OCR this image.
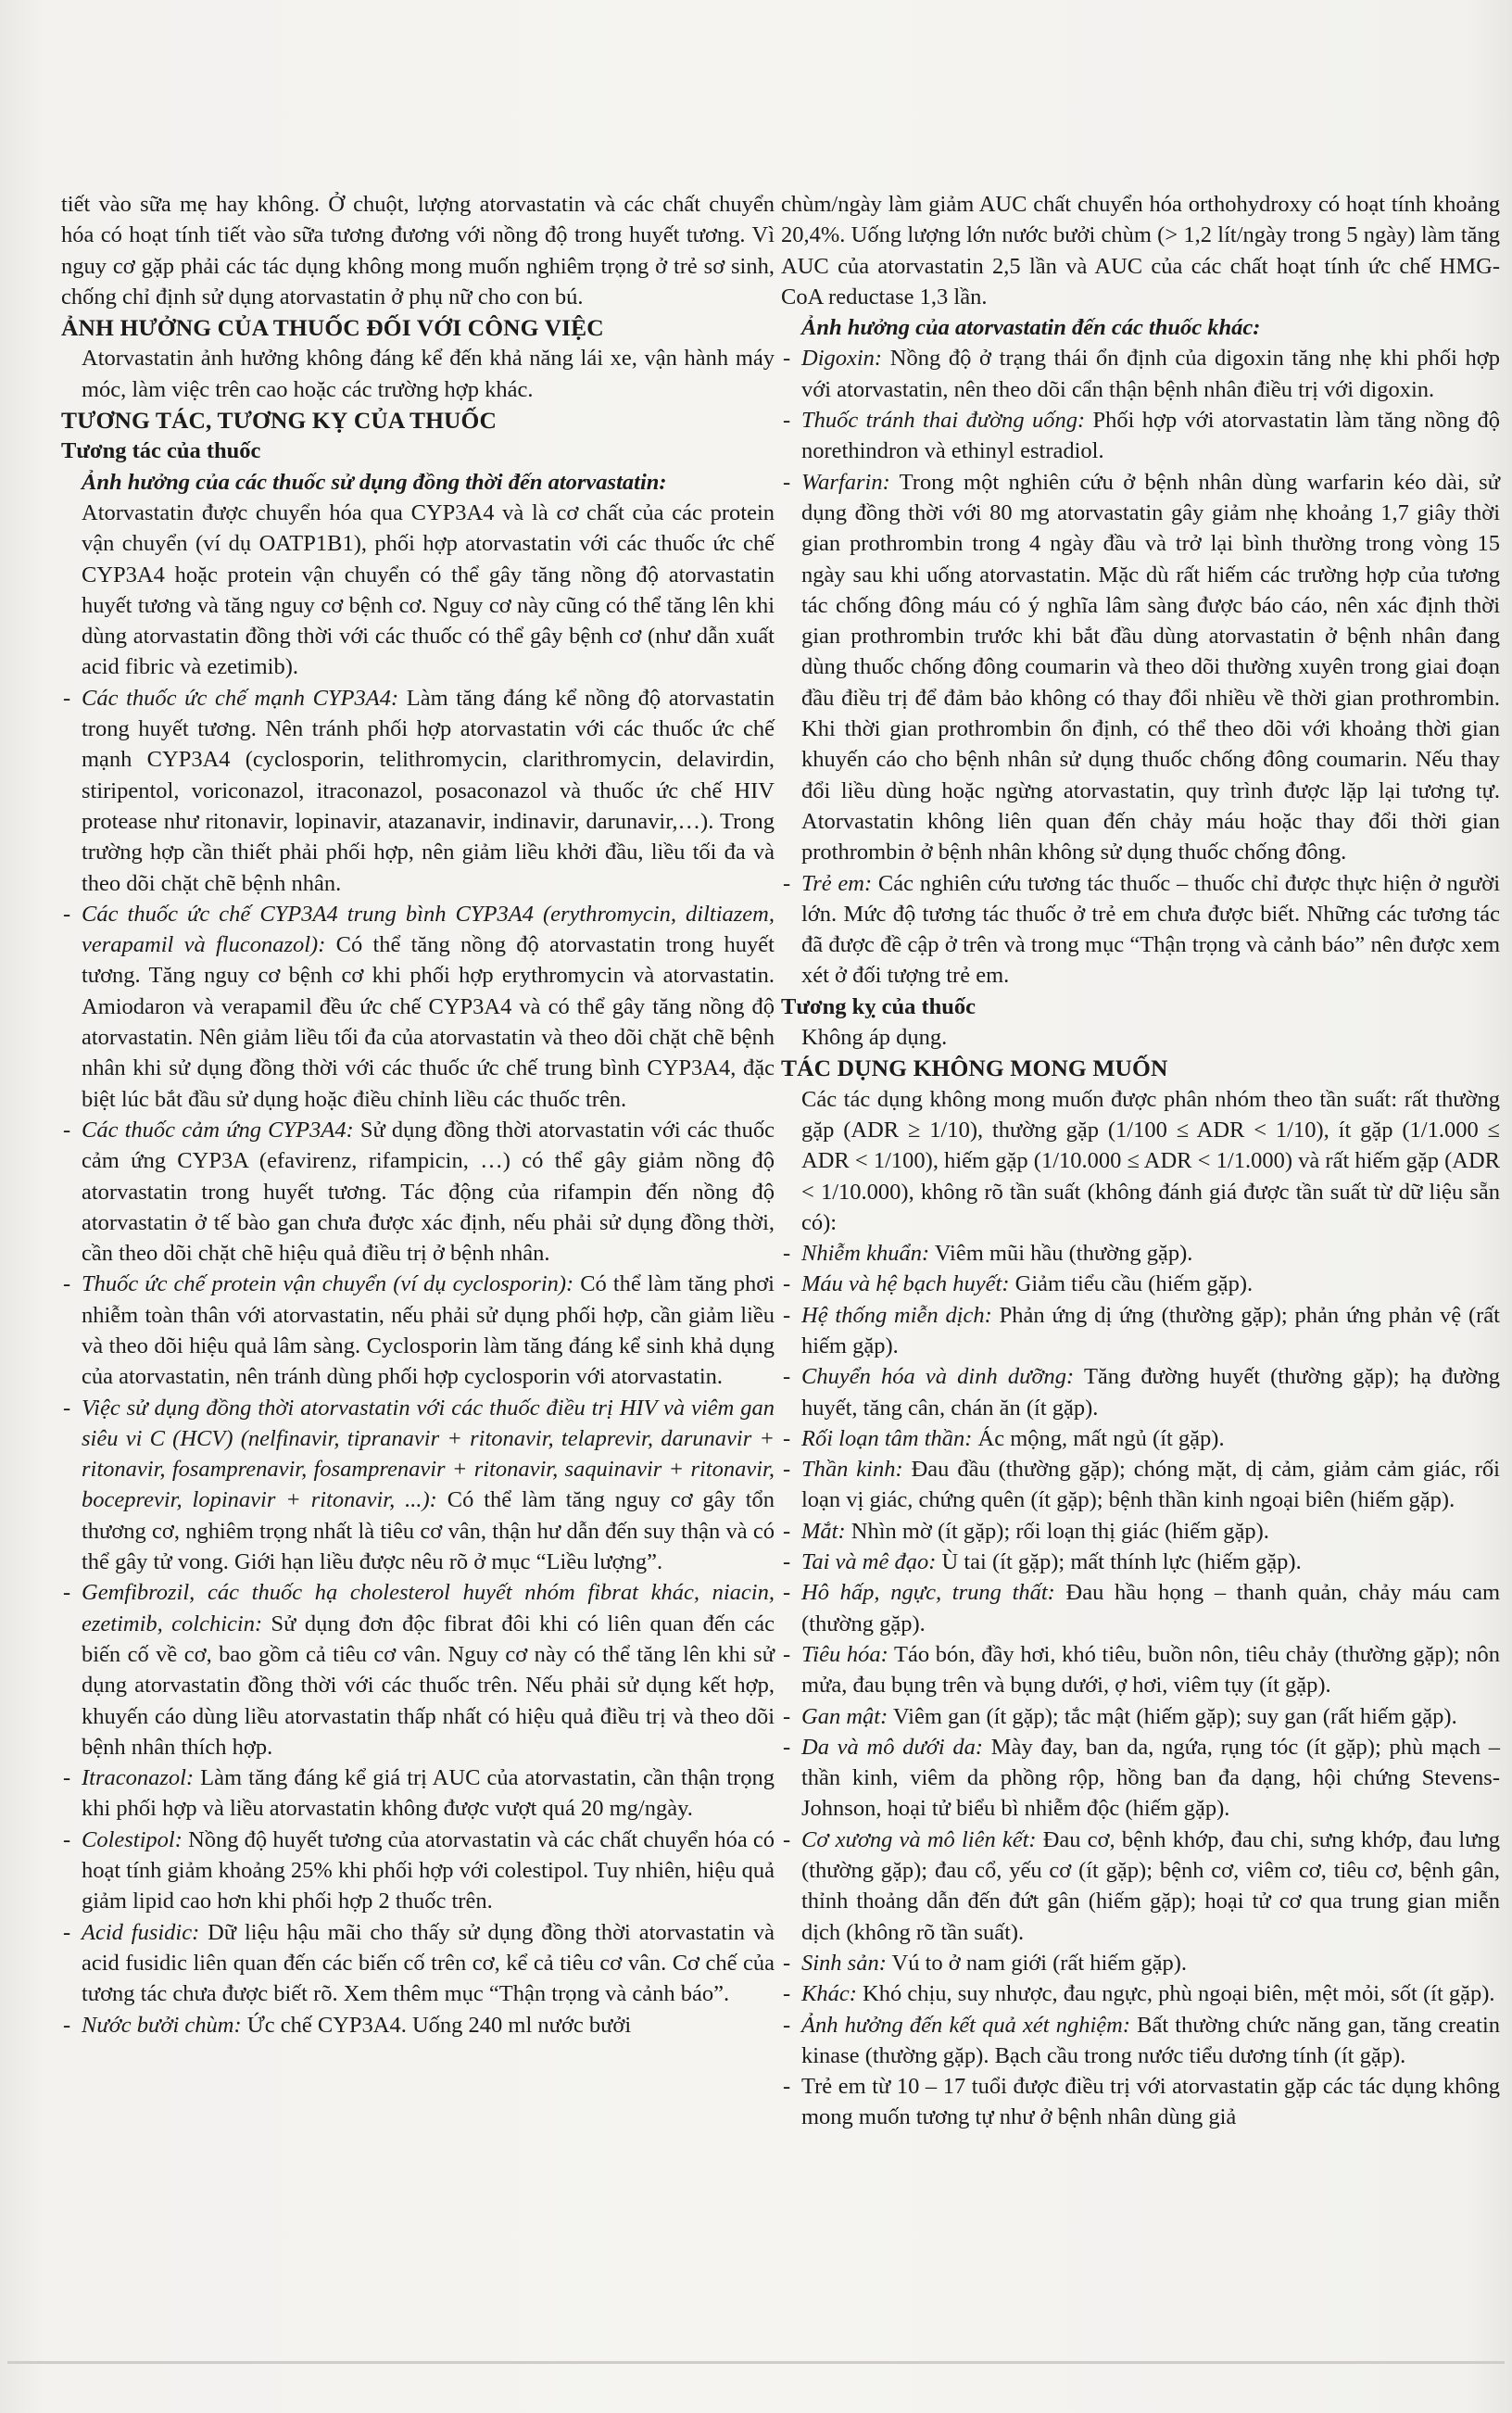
tiết vào sữa mẹ hay không. Ở chuột, lượng atorvastatin và các chất chuyển hóa có hoạt tính tiết vào sữa tương đương với nồng độ trong huyết tương. Vì nguy cơ gặp phải các tác dụng không mong muốn nghiêm trọng ở trẻ sơ sinh, chống chỉ định sử dụng atorvastatin ở phụ nữ cho con bú.

ẢNH HƯỞNG CỦA THUỐC ĐỐI VỚI CÔNG VIỆC

Atorvastatin ảnh hưởng không đáng kể đến khả năng lái xe, vận hành máy móc, làm việc trên cao hoặc các trường hợp khác.

TƯƠNG TÁC, TƯƠNG KỴ CỦA THUỐC

Tương tác của thuốc

Ảnh hưởng của các thuốc sử dụng đồng thời đến atorvastatin:

Atorvastatin được chuyển hóa qua CYP3A4 và là cơ chất của các protein vận chuyển (ví dụ OATP1B1), phối hợp atorvastatin với các thuốc ức chế CYP3A4 hoặc protein vận chuyển có thể gây tăng nồng độ atorvastatin huyết tương và tăng nguy cơ bệnh cơ. Nguy cơ này cũng có thể tăng lên khi dùng atorvastatin đồng thời với các thuốc có thể gây bệnh cơ (như dẫn xuất acid fibric và ezetimib).

- Các thuốc ức chế mạnh CYP3A4: Làm tăng đáng kể nồng độ atorvastatin trong huyết tương. Nên tránh phối hợp atorvastatin với các thuốc ức chế mạnh CYP3A4 (cyclosporin, telithromycin, clarithromycin, delavirdin, stiripentol, voriconazol, itraconazol, posaconazol và thuốc ức chế HIV protease như ritonavir, lopinavir, atazanavir, indinavir, darunavir,…). Trong trường hợp cần thiết phải phối hợp, nên giảm liều khởi đầu, liều tối đa và theo dõi chặt chẽ bệnh nhân.

- Các thuốc ức chế CYP3A4 trung bình CYP3A4 (erythromycin, diltiazem, verapamil và fluconazol): Có thể tăng nồng độ atorvastatin trong huyết tương. Tăng nguy cơ bệnh cơ khi phối hợp erythromycin và atorvastatin. Amiodaron và verapamil đều ức chế CYP3A4 và có thể gây tăng nồng độ atorvastatin. Nên giảm liều tối đa của atorvastatin và theo dõi chặt chẽ bệnh nhân khi sử dụng đồng thời với các thuốc ức chế trung bình CYP3A4, đặc biệt lúc bắt đầu sử dụng hoặc điều chỉnh liều các thuốc trên.

- Các thuốc cảm ứng CYP3A4: Sử dụng đồng thời atorvastatin với các thuốc cảm ứng CYP3A (efavirenz, rifampicin, …) có thể gây giảm nồng độ atorvastatin trong huyết tương. Tác động của rifampin đến nồng độ atorvastatin ở tế bào gan chưa được xác định, nếu phải sử dụng đồng thời, cần theo dõi chặt chẽ hiệu quả điều trị ở bệnh nhân.

- Thuốc ức chế protein vận chuyển (ví dụ cyclosporin): Có thể làm tăng phơi nhiễm toàn thân với atorvastatin, nếu phải sử dụng phối hợp, cần giảm liều và theo dõi hiệu quả lâm sàng. Cyclosporin làm tăng đáng kể sinh khả dụng của atorvastatin, nên tránh dùng phối hợp cyclosporin với atorvastatin.

- Việc sử dụng đồng thời atorvastatin với các thuốc điều trị HIV và viêm gan siêu vi C (HCV) (nelfinavir, tipranavir + ritonavir, telaprevir, darunavir + ritonavir, fosamprenavir, fosamprenavir + ritonavir, saquinavir + ritonavir, boceprevir, lopinavir + ritonavir, ...): Có thể làm tăng nguy cơ gây tổn thương cơ, nghiêm trọng nhất là tiêu cơ vân, thận hư dẫn đến suy thận và có thể gây tử vong. Giới hạn liều được nêu rõ ở mục “Liều lượng”.

- Gemfibrozil, các thuốc hạ cholesterol huyết nhóm fibrat khác, niacin, ezetimib, colchicin: Sử dụng đơn độc fibrat đôi khi có liên quan đến các biến cố về cơ, bao gồm cả tiêu cơ vân. Nguy cơ này có thể tăng lên khi sử dụng atorvastatin đồng thời với các thuốc trên. Nếu phải sử dụng kết hợp, khuyến cáo dùng liều atorvastatin thấp nhất có hiệu quả điều trị và theo dõi bệnh nhân thích hợp.

- Itraconazol: Làm tăng đáng kể giá trị AUC của atorvastatin, cần thận trọng khi phối hợp và liều atorvastatin không được vượt quá 20 mg/ngày.

- Colestipol: Nồng độ huyết tương của atorvastatin và các chất chuyển hóa có hoạt tính giảm khoảng 25% khi phối hợp với colestipol. Tuy nhiên, hiệu quả giảm lipid cao hơn khi phối hợp 2 thuốc trên.

- Acid fusidic: Dữ liệu hậu mãi cho thấy sử dụng đồng thời atorvastatin và acid fusidic liên quan đến các biến cố trên cơ, kể cả tiêu cơ vân. Cơ chế của tương tác chưa được biết rõ. Xem thêm mục “Thận trọng và cảnh báo”.

- Nước bưởi chùm: Ức chế CYP3A4. Uống 240 ml nước bưởi

chùm/ngày làm giảm AUC chất chuyển hóa orthohydroxy có hoạt tính khoảng 20,4%. Uống lượng lớn nước bưởi chùm (> 1,2 lít/ngày trong 5 ngày) làm tăng AUC của atorvastatin 2,5 lần và AUC của các chất hoạt tính ức chế HMG-CoA reductase 1,3 lần.

Ảnh hưởng của atorvastatin đến các thuốc khác:

- Digoxin: Nồng độ ở trạng thái ổn định của digoxin tăng nhẹ khi phối hợp với atorvastatin, nên theo dõi cẩn thận bệnh nhân điều trị với digoxin.

- Thuốc tránh thai đường uống: Phối hợp với atorvastatin làm tăng nồng độ norethindron và ethinyl estradiol.

- Warfarin: Trong một nghiên cứu ở bệnh nhân dùng warfarin kéo dài, sử dụng đồng thời với 80 mg atorvastatin gây giảm nhẹ khoảng 1,7 giây thời gian prothrombin trong 4 ngày đầu và trở lại bình thường trong vòng 15 ngày sau khi uống atorvastatin. Mặc dù rất hiếm các trường hợp của tương tác chống đông máu có ý nghĩa lâm sàng được báo cáo, nên xác định thời gian prothrombin trước khi bắt đầu dùng atorvastatin ở bệnh nhân đang dùng thuốc chống đông coumarin và theo dõi thường xuyên trong giai đoạn đầu điều trị để đảm bảo không có thay đổi nhiều về thời gian prothrombin. Khi thời gian prothrombin ổn định, có thể theo dõi với khoảng thời gian khuyến cáo cho bệnh nhân sử dụng thuốc chống đông coumarin. Nếu thay đổi liều dùng hoặc ngừng atorvastatin, quy trình được lặp lại tương tự. Atorvastatin không liên quan đến chảy máu hoặc thay đổi thời gian prothrombin ở bệnh nhân không sử dụng thuốc chống đông.

- Trẻ em: Các nghiên cứu tương tác thuốc – thuốc chỉ được thực hiện ở người lớn. Mức độ tương tác thuốc ở trẻ em chưa được biết. Những các tương tác đã được đề cập ở trên và trong mục “Thận trọng và cảnh báo” nên được xem xét ở đối tượng trẻ em.

Tương kỵ của thuốc

Không áp dụng.

TÁC DỤNG KHÔNG MONG MUỐN

Các tác dụng không mong muốn được phân nhóm theo tần suất: rất thường gặp (ADR ≥ 1/10), thường gặp (1/100 ≤ ADR < 1/10), ít gặp (1/1.000 ≤ ADR < 1/100), hiếm gặp (1/10.000 ≤ ADR < 1/1.000) và rất hiếm gặp (ADR < 1/10.000), không rõ tần suất (không đánh giá được tần suất từ dữ liệu sẵn có):

- Nhiễm khuẩn: Viêm mũi hầu (thường gặp).

- Máu và hệ bạch huyết: Giảm tiểu cầu (hiếm gặp).

- Hệ thống miễn dịch: Phản ứng dị ứng (thường gặp); phản ứng phản vệ (rất hiếm gặp).

- Chuyển hóa và dinh dưỡng: Tăng đường huyết (thường gặp); hạ đường huyết, tăng cân, chán ăn (ít gặp).

- Rối loạn tâm thần: Ác mộng, mất ngủ (ít gặp).

- Thần kinh: Đau đầu (thường gặp); chóng mặt, dị cảm, giảm cảm giác, rối loạn vị giác, chứng quên (ít gặp); bệnh thần kinh ngoại biên (hiếm gặp).

- Mắt: Nhìn mờ (ít gặp); rối loạn thị giác (hiếm gặp).

- Tai và mê đạo: Ù tai (ít gặp); mất thính lực (hiếm gặp).

- Hô hấp, ngực, trung thất: Đau hầu họng – thanh quản, chảy máu cam (thường gặp).

- Tiêu hóa: Táo bón, đầy hơi, khó tiêu, buồn nôn, tiêu chảy (thường gặp); nôn mửa, đau bụng trên và bụng dưới, ợ hơi, viêm tụy (ít gặp).

- Gan mật: Viêm gan (ít gặp); tắc mật (hiếm gặp); suy gan (rất hiếm gặp).

- Da và mô dưới da: Mày đay, ban da, ngứa, rụng tóc (ít gặp); phù mạch – thần kinh, viêm da phồng rộp, hồng ban đa dạng, hội chứng Stevens-Johnson, hoại tử biểu bì nhiễm độc (hiếm gặp).

- Cơ xương và mô liên kết: Đau cơ, bệnh khớp, đau chi, sưng khớp, đau lưng (thường gặp); đau cổ, yếu cơ (ít gặp); bệnh cơ, viêm cơ, tiêu cơ, bệnh gân, thỉnh thoảng dẫn đến đứt gân (hiếm gặp); hoại tử cơ qua trung gian miễn dịch (không rõ tần suất).

- Sinh sản: Vú to ở nam giới (rất hiếm gặp).

- Khác: Khó chịu, suy nhược, đau ngực, phù ngoại biên, mệt mỏi, sốt (ít gặp).

- Ảnh hưởng đến kết quả xét nghiệm: Bất thường chức năng gan, tăng creatin kinase (thường gặp). Bạch cầu trong nước tiểu dương tính (ít gặp).

- Trẻ em từ 10 – 17 tuổi được điều trị với atorvastatin gặp các tác dụng không mong muốn tương tự như ở bệnh nhân dùng giả
